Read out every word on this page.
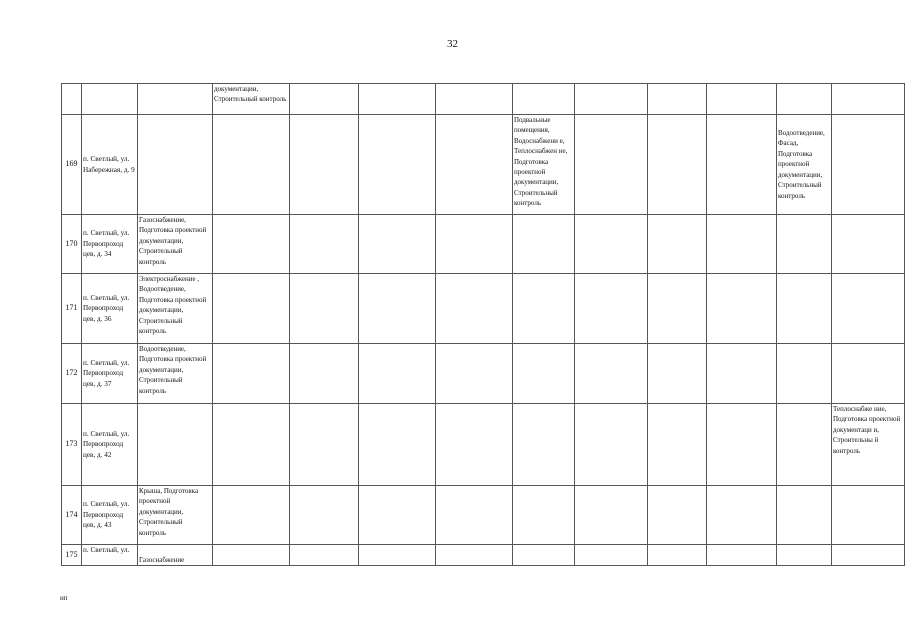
32
			документации, Строительный контроль									
169	п. Светлый, ул. Набережная, д. 9						Подвальные помещения, Водоснабжени е, Теплоснабжен ие, Подготовка проектной документации, Строительный контроль				Водоотведение, Фасад, Подготовка проектной документации, Строительный контроль	
170	п. Светлый, ул. Первопроход цев, д. 34	Газоснабжение, Подготовка проектной документации, Строительный контроль										
171	п. Светлый, ул. Первопроход цев, д. 36	Электроснабжение , Водоотведение, Подготовка проектной документации, Строительный контроль										
172	п. Светлый, ул. Первопроход цев, д. 37	Водоотведение, Подготовка проектной документации, Строительный контроль										
173	п. Светлый, ул. Первопроход цев, д. 42											Теплоснабже ние, Подготовка проектной документаци и, Строительны й контроль
174	п. Светлый, ул. Первопроход цев, д. 43	Крыша, Подготовка проектной документации, Строительный контроль										
175	п. Светлый, ул.	Газоснабжение										
нп
